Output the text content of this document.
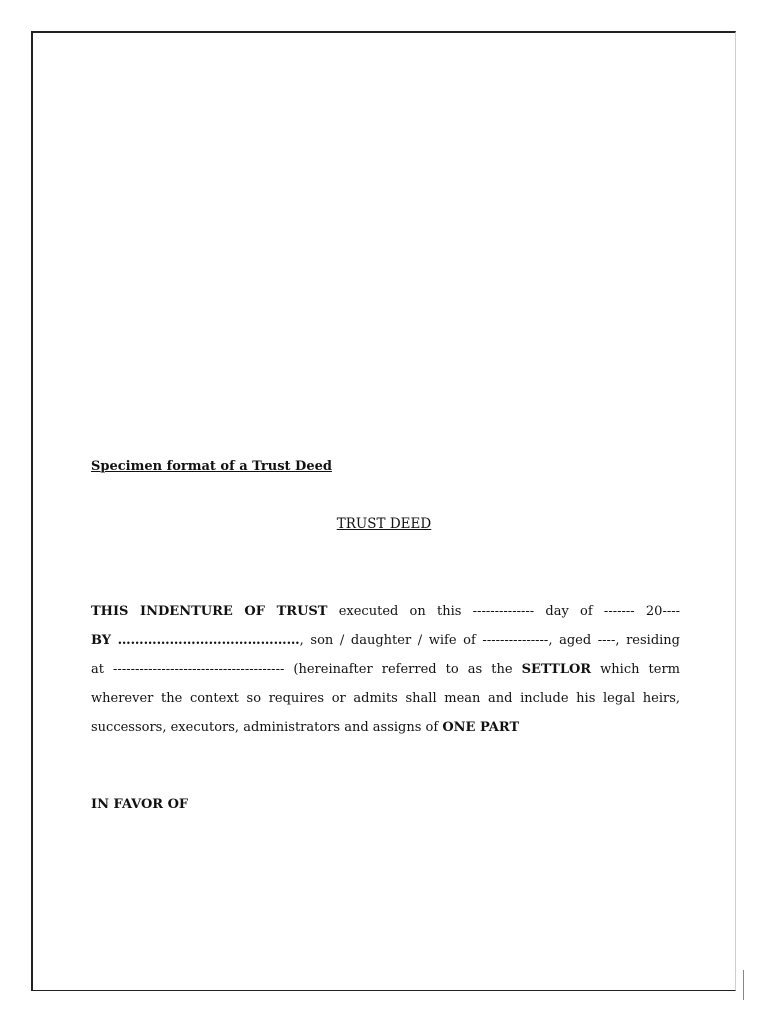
Specimen format of a Trust Deed
TRUST DEED
THIS INDENTURE OF TRUST executed on this -------------- day of ------- 20----
BY ……………………………………, son / daughter / wife of ---------------, aged ----, residing
at --------------------------------------- (hereinafter referred to as the SETTLOR which term
wherever the context so requires or admits shall mean and include his legal heirs,
successors, executors, administrators and assigns of ONE PART
IN FAVOR OF
